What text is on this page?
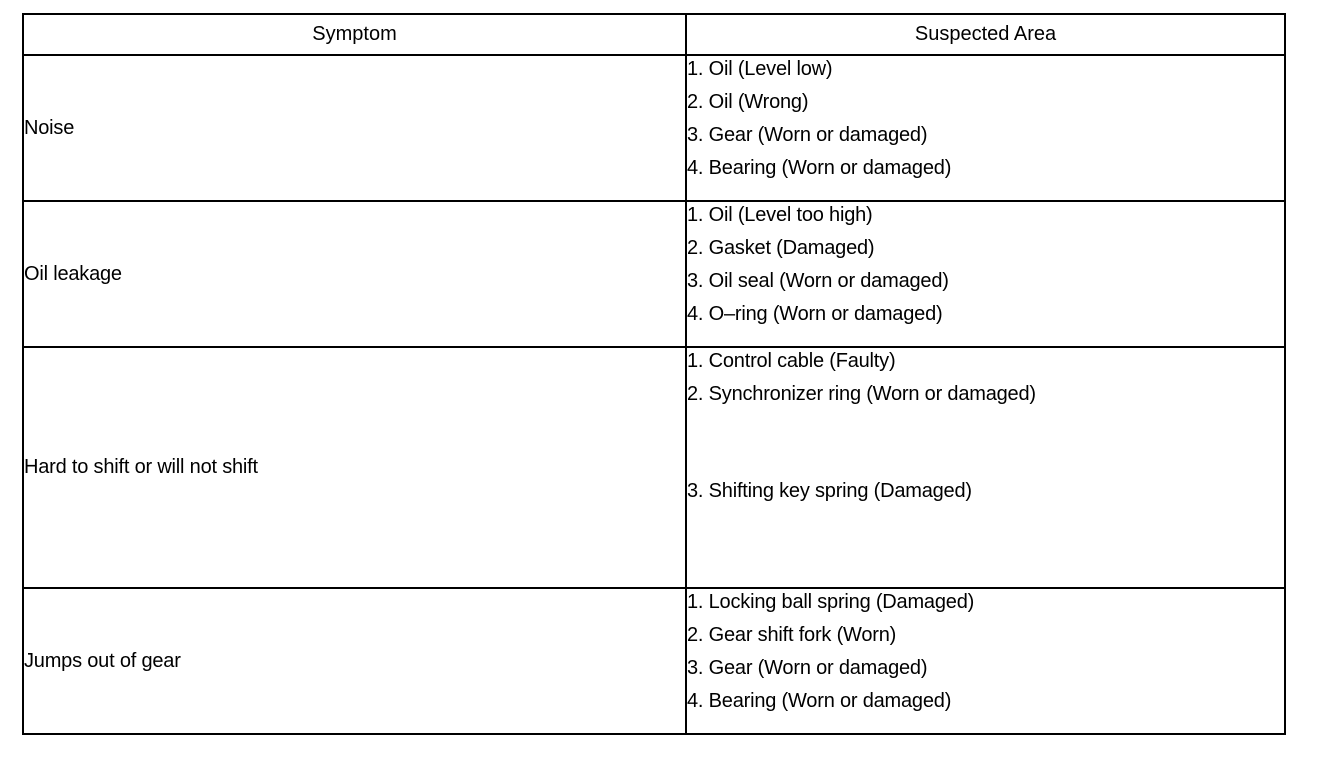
Symptom	Suspected Area
Noise	1. Oil (Level low)
2. Oil (Wrong)
3. Gear (Worn or damaged)
4. Bearing (Worn or damaged)

Oil leakage	1. Oil (Level too high)
2. Gasket (Damaged)
3. Oil seal (Worn or damaged)
4. O–ring (Worn or damaged)

Hard to shift or will not shift	1. Control cable (Faulty)
2. Synchronizer ring (Worn or damaged)
3. Shifting key spring (Damaged)

Jumps out of gear	1. Locking ball spring (Damaged)
2. Gear shift fork (Worn)
3. Gear (Worn or damaged)
4. Bearing (Worn or damaged)
